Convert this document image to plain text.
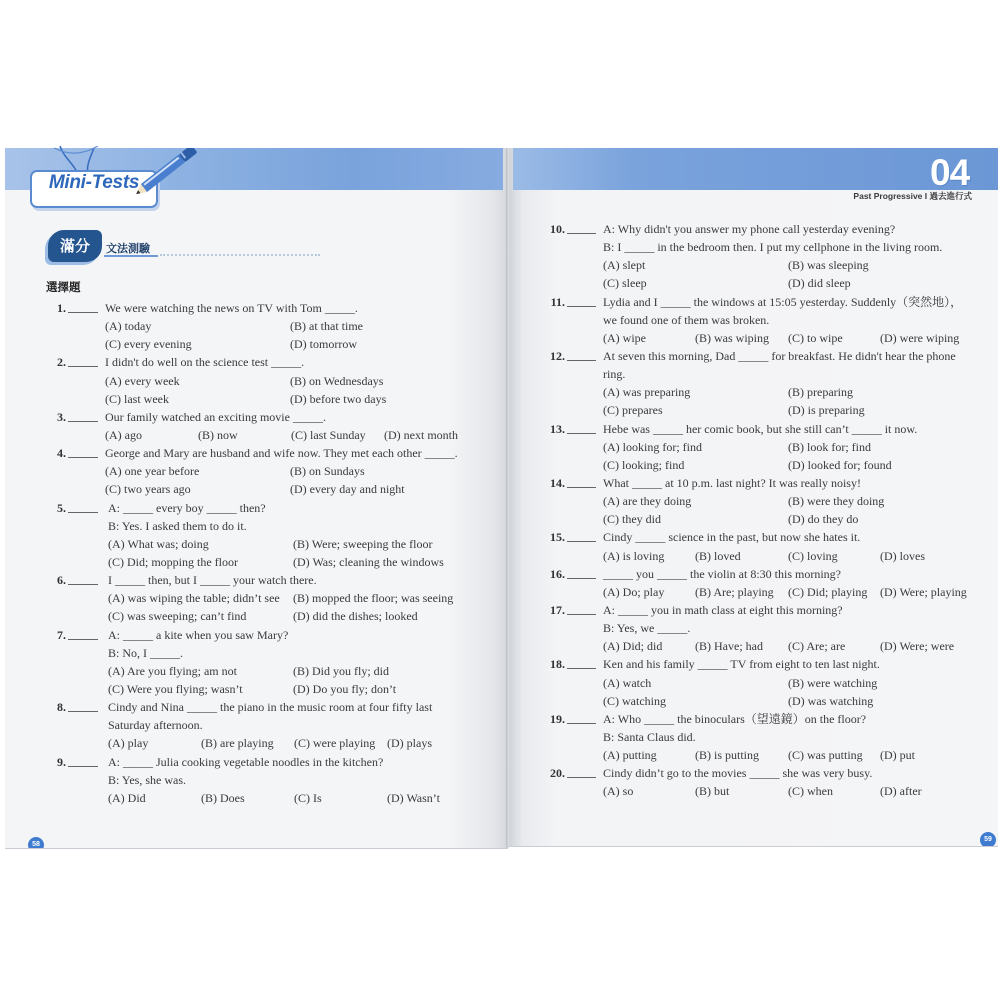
58
59
Mini-Tests
滿分	文法測驗
選擇題
04
Past Progressive I 過去進行式
1.	We were watching the news on TV with Tom _____.
(A) today	(B) at that time
(C) every evening	(D) tomorrow
2.	I didn't do well on the science test _____.
(A) every week	(B) on Wednesdays
(C) last week	(D) before two days
3.	Our family watched an exciting movie _____.
(A) ago	(B) now	(C) last Sunday (D) next month
4.	George and Mary are husband and wife now. They met each other _____.
(A) one year before	(B) on Sundays
(C) two years ago	(D) every day and night
5.	A: _____ every boy _____ then?
B: Yes. I asked them to do it.
(A) What was; doing	(B) Were; sweeping the floor
(C) Did; mopping the floor	(D) Was; cleaning the windows
6.	I _____ then, but I _____ your watch there.
(A) was wiping the table; didn’t see (B) mopped the floor; was seeing
(C) was sweeping; can’t find	(D) did the dishes; looked
7.	A: _____ a kite when you saw Mary?
B: No, I _____.
(A) Are you flying; am not	(B) Did you fly; did
(C) Were you flying; wasn’t	(D) Do you fly; don’t
8.	Cindy and Nina _____ the piano in the music room at four fifty last
Saturday afternoon.
(A) play	(B) are playing (C) were playing (D) plays
9.	A: _____ Julia cooking vegetable noodles in the kitchen?
B: Yes, she was.
(A) Did	(B) Does	(C) Is	(D) Wasn’t
10.	A: Why didn't you answer my phone call yesterday evening?
B: I _____ in the bedroom then. I put my cellphone in the living room.
(A) slept	(B) was sleeping
(C) sleep	(D) did sleep
11.	Lydia and I _____ the windows at 15:05 yesterday. Suddenly（突然地），
we found one of them was broken.
(A) wipe	(B) was wiping (C) to wipe	(D) were wiping
12.	At seven this morning, Dad _____ for breakfast. He didn't hear the phone
ring.
(A) was preparing	(B) preparing
(C) prepares	(D) is preparing
13.	Hebe was _____ her comic book, but she still can’t _____ it now.
(A) looking for; find	(B) look for; find
(C) looking; find	(D) looked for; found
14.	What _____ at 10 p.m. last night? It was really noisy!
(A) are they doing	(B) were they doing
(C) they did	(D) do they do
15.	Cindy _____ science in the past, but now she hates it.
(A) is loving	(B) loved	(C) loving	(D) loves
16.	_____ you _____ the violin at 8:30 this morning?
(A) Do; play	(B) Are; playing (C) Did; playing (D) Were; playing
17.	A: _____ you in math class at eight this morning?
B: Yes, we _____.
(A) Did; did	(B) Have; had (C) Are; are	(D) Were; were
18.	Ken and his family _____ TV from eight to ten last night.
(A) watch	(B) were watching
(C) watching	(D) was watching
19.	A: Who _____ the binoculars（望遠鏡）on the floor?
B: Santa Claus did.
(A) putting	(B) is putting (C) was putting (D) put
20.	Cindy didn’t go to the movies _____ she was very busy.
(A) so	(B) but	(C) when	(D) after
